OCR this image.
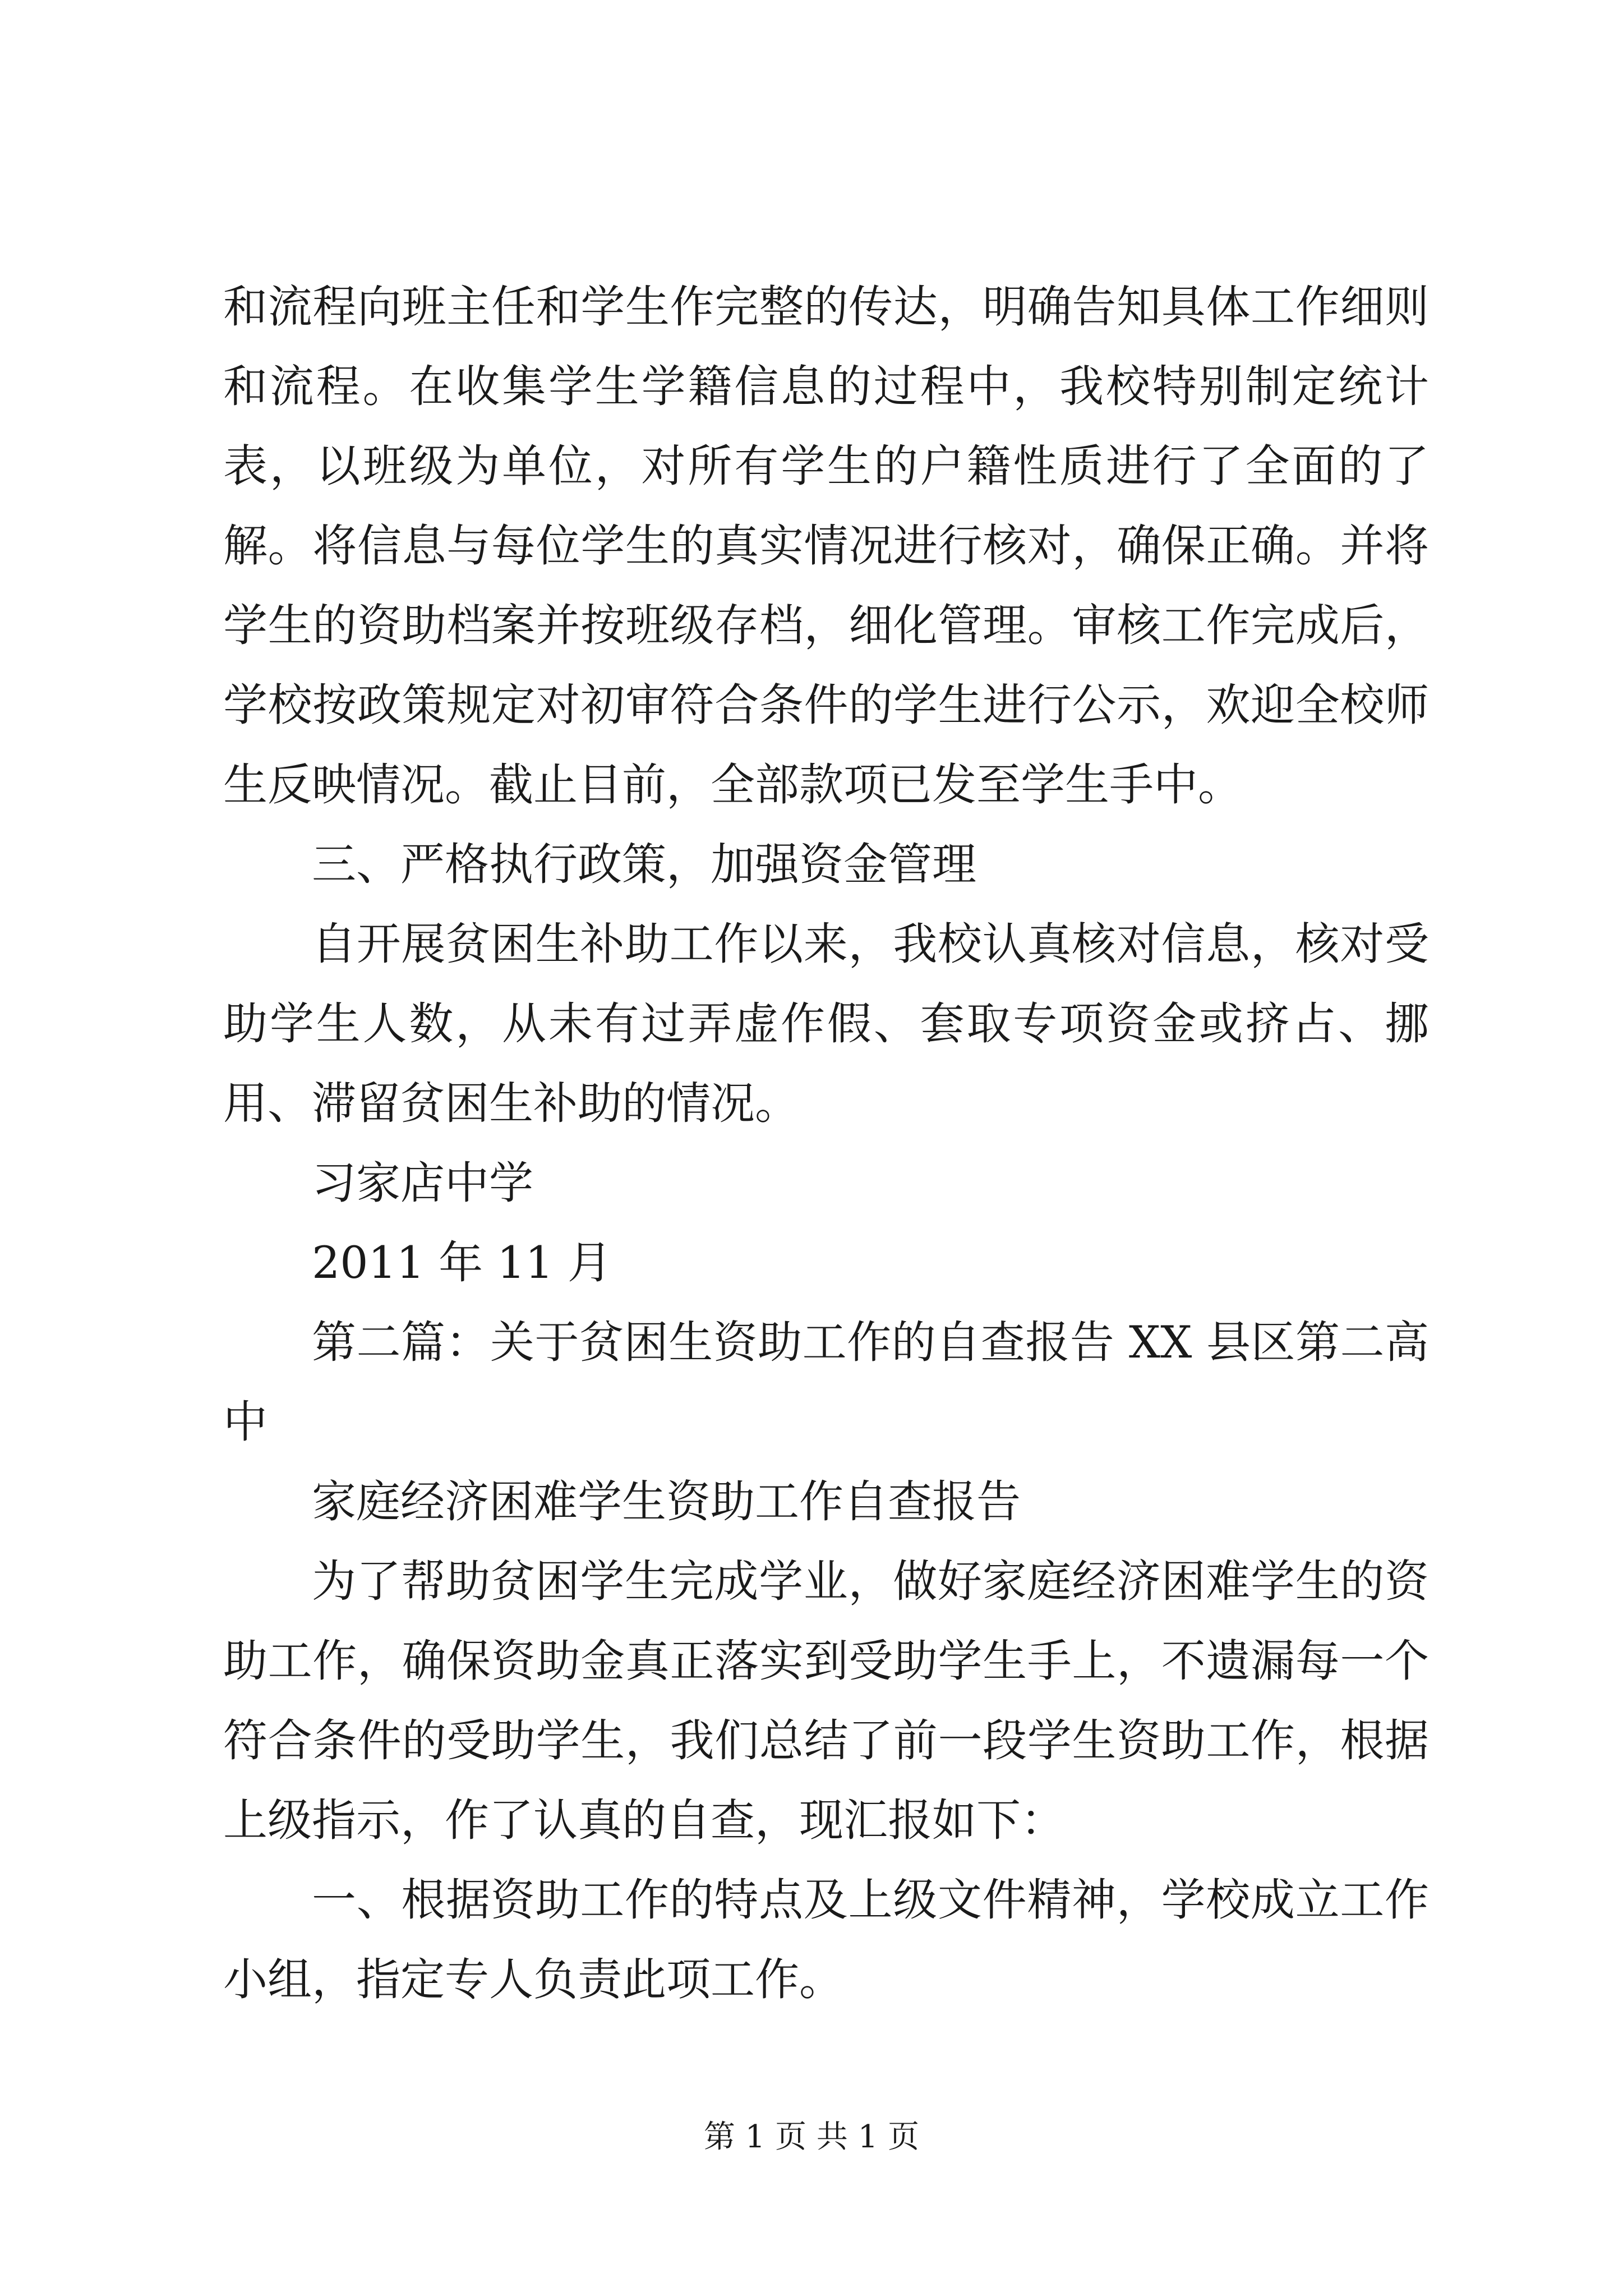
和流程向班主任和学生作完整的传达，明确告知具体工作细则和流程。在收集学生学籍信息的过程中，我校特别制定统计表，以班级为单位，对所有学生的户籍性质进行了全面的了解。将信息与每位学生的真实情况进行核对，确保正确。并将学生的资助档案并按班级存档，细化管理。审核工作完成后，学校按政策规定对初审符合条件的学生进行公示，欢迎全校师生反映情况。截止目前，全部款项已发至学生手中。

三、严格执行政策，加强资金管理

自开展贫困生补助工作以来，我校认真核对信息，核对受助学生人数，从未有过弄虚作假、套取专项资金或挤占、挪用、滞留贫困生补助的情况。

习家店中学

2011 年 11 月

第二篇：关于贫困生资助工作的自查报告 XX 县区第二高中

家庭经济困难学生资助工作自查报告

为了帮助贫困学生完成学业，做好家庭经济困难学生的资助工作，确保资助金真正落实到受助学生手上，不遗漏每一个符合条件的受助学生，我们总结了前一段学生资助工作，根据上级指示，作了认真的自查，现汇报如下：

一、根据资助工作的特点及上级文件精神，学校成立工作小组，指定专人负责此项工作。

第 1 页 共 1 页
